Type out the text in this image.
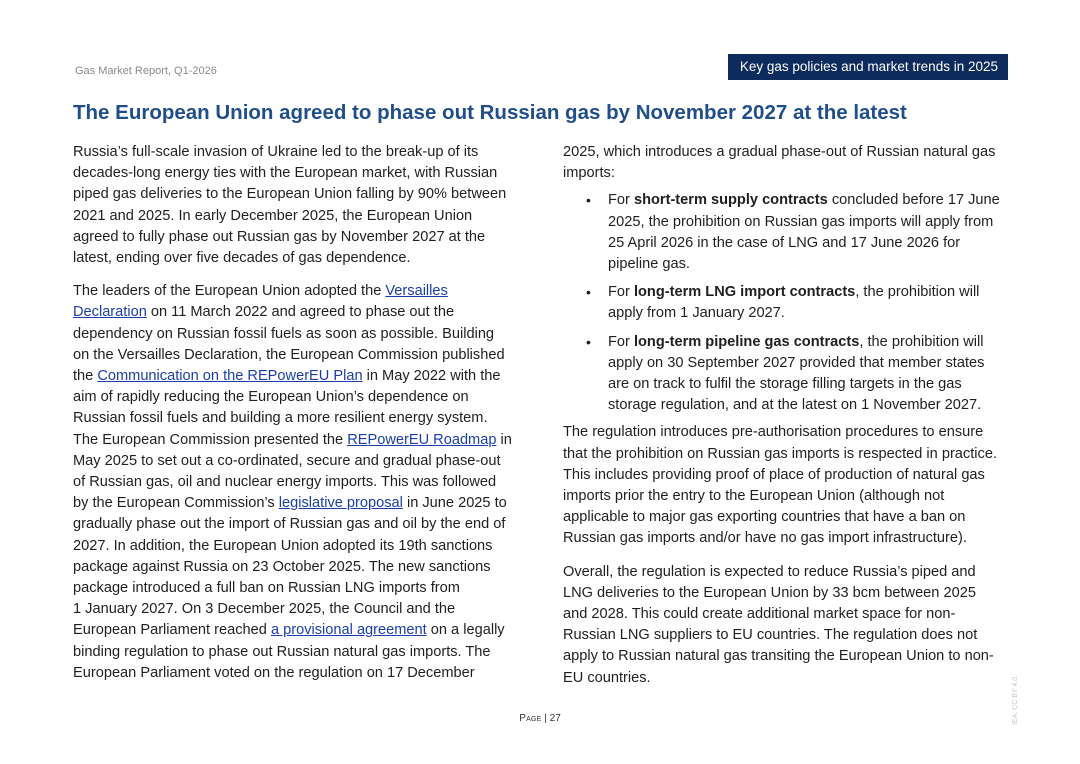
Gas Market Report, Q1-2026	Key gas policies and market trends in 2025
The European Union agreed to phase out Russian gas by November 2027 at the latest

Russia’s full-scale invasion of Ukraine led to the break-up of its
decades-long energy ties with the European market, with Russian
piped gas deliveries to the European Union falling by 90% between
2021 and 2025. In early December 2025, the European Union
agreed to fully phase out Russian gas by November 2027 at the
latest, ending over five decades of gas dependence.

The leaders of the European Union adopted the Versailles
Declaration on 11 March 2022 and agreed to phase out the
dependency on Russian fossil fuels as soon as possible. Building
on the Versailles Declaration, the European Commission published
the Communication on the REPowerEU Plan in May 2022 with the
aim of rapidly reducing the European Union’s dependence on
Russian fossil fuels and building a more resilient energy system.
The European Commission presented the REPowerEU Roadmap in
May 2025 to set out a co-ordinated, secure and gradual phase-out
of Russian gas, oil and nuclear energy imports. This was followed
by the European Commission’s legislative proposal in June 2025 to
gradually phase out the import of Russian gas and oil by the end of
2027. In addition, the European Union adopted its 19th sanctions
package against Russia on 23 October 2025. The new sanctions
package introduced a full ban on Russian LNG imports from
1 January 2027. On 3 December 2025, the Council and the
European Parliament reached a provisional agreement on a legally
binding regulation to phase out Russian natural gas imports. The
European Parliament voted on the regulation on 17 December

2025, which introduces a gradual phase-out of Russian natural gas
imports:

• For short-term supply contracts concluded before 17 June
2025, the prohibition on Russian gas imports will apply from
25 April 2026 in the case of LNG and 17 June 2026 for
pipeline gas.
• For long-term LNG import contracts, the prohibition will
apply from 1 January 2027.
• For long-term pipeline gas contracts, the prohibition will
apply on 30 September 2027 provided that member states
are on track to fulfil the storage filling targets in the gas
storage regulation, and at the latest on 1 November 2027.

The regulation introduces pre-authorisation procedures to ensure
that the prohibition on Russian gas imports is respected in practice.
This includes providing proof of place of production of natural gas
imports prior the entry to the European Union (although not
applicable to major gas exporting countries that have a ban on
Russian gas imports and/or have no gas import infrastructure).

Overall, the regulation is expected to reduce Russia’s piped and
LNG deliveries to the European Union by 33 bcm between 2025
and 2028. This could create additional market space for non-
Russian LNG suppliers to EU countries. The regulation does not
apply to Russian natural gas transiting the European Union to non-
EU countries.

Page | 27	IEA. CC BY 4.0.
